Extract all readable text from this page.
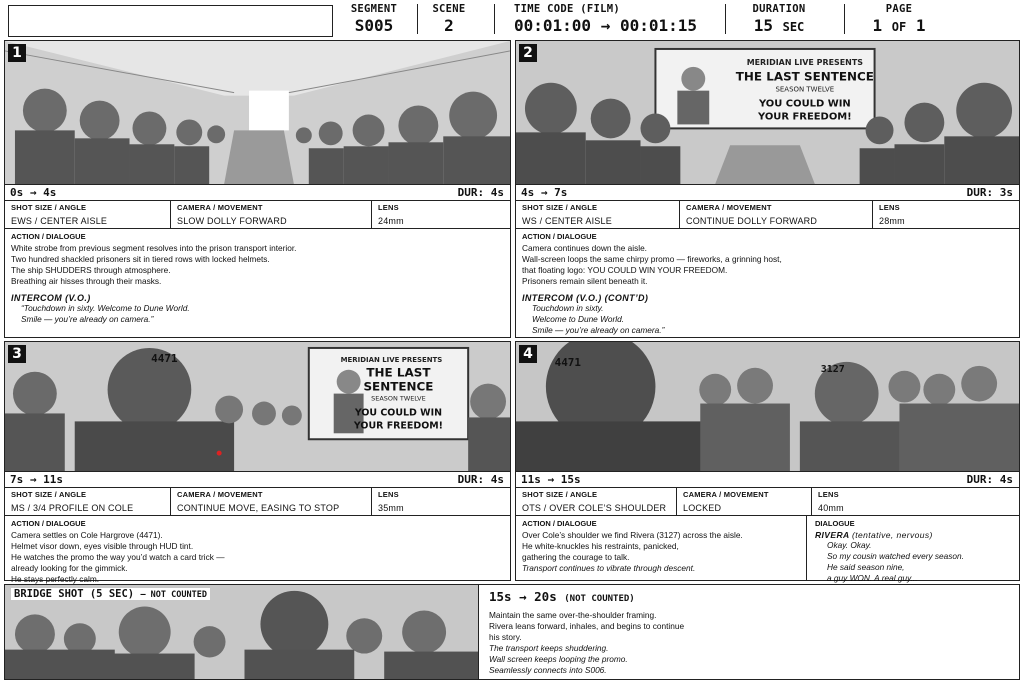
SEGMENT
S005
SCENE
2
TIME CODE (FILM)
00:01:00 → 00:01:15
DURATION
15 SEC
PAGE
1 OF 1
1
0s → 4s	DUR: 4s
SHOT SIZE / ANGLE
EWS / CENTER AISLE
CAMERA / MOVEMENT
SLOW DOLLY FORWARD
LENS
24mm
ACTION / DIALOGUE
White strobe from previous segment resolves into the prison transport interior.
Two hundred shackled prisoners sit in tiered rows with locked helmets.
The ship SHUDDERS through atmosphere.
Breathing air hisses through their masks.
INTERCOM (V.O.)
“Touchdown in sixty. Welcome to Dune World.
Smile — you’re already on camera.”
MERIDIAN LIVE PRESENTS
THE LAST SENTENCE
SEASON TWELVE
YOU COULD WIN
YOUR FREEDOM!
2
4s → 7s	DUR: 3s
SHOT SIZE / ANGLE
WS / CENTER AISLE
CAMERA / MOVEMENT
CONTINUE DOLLY FORWARD
LENS
28mm
ACTION / DIALOGUE
Camera continues down the aisle.
Wall-screen loops the same chirpy promo — fireworks, a grinning host,
that floating logo: YOU COULD WIN YOUR FREEDOM.
Prisoners remain silent beneath it.
INTERCOM (V.O.) (CONT’D)
Touchdown in sixty.
Welcome to Dune World.
Smile — you’re already on camera.”
4471	MERIDIAN LIVE PRESENTS
THE LAST
SENTENCE
SEASON TWELVE
YOU COULD WIN
YOUR FREEDOM!
3
7s → 11s	DUR: 4s
SHOT SIZE / ANGLE
MS / 3/4 PROFILE ON COLE
CAMERA / MOVEMENT
CONTINUE MOVE, EASING TO STOP
LENS
35mm
ACTION / DIALOGUE
Camera settles on Cole Hargrove (4471).
Helmet visor down, eyes visible through HUD tint.
He watches the promo the way you’d watch a card trick —
already looking for the gimmick.
He stays perfectly calm.
4471
3127
4
11s → 15s	DUR: 4s
SHOT SIZE / ANGLE
OTS / OVER COLE’S SHOULDER
CAMERA / MOVEMENT
LOCKED
LENS
40mm
ACTION / DIALOGUE
Over Cole’s shoulder we find Rivera (3127) across the aisle.
He white-knuckles his restraints, panicked,
gathering the courage to talk.
Transport continues to vibrate through descent.
DIALOGUE
RIVERA (tentative, nervous)
Okay. Okay.
So my cousin watched every season.
He said season nine,
a guy WON. A real guy...
BRIDGE SHOT (5 SEC) — NOT COUNTED	15s → 20s (NOT COUNTED)
Maintain the same over-the-shoulder framing.
Rivera leans forward, inhales, and begins to continue
his story.
The transport keeps shuddering.
Wall screen keeps looping the promo.
Seamlessly connects into S006.
